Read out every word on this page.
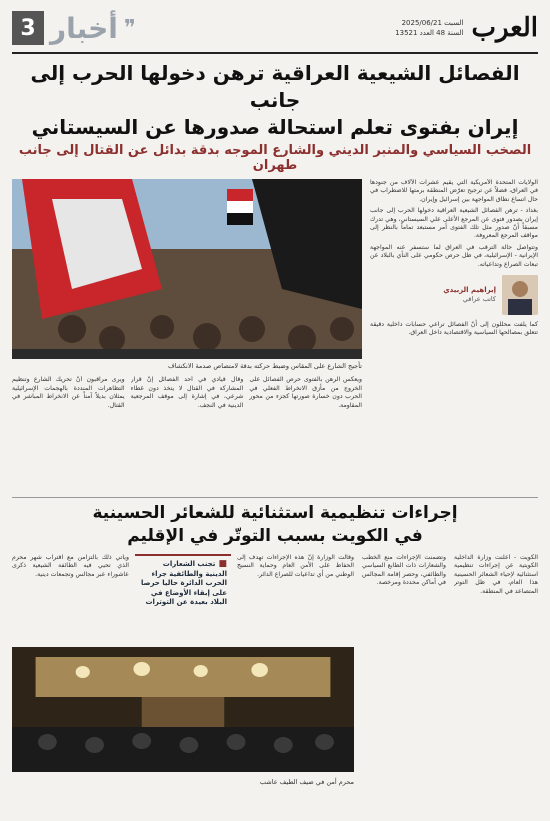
العرب
السبت 2025/06/21
السنة 48 العدد 13521
❞
أخبار
3
الفصائل الشيعية العراقية ترهن دخولها الحرب إلى جانب
إيران بفتوى تعلم استحالة صدورها عن السيستاني
الصخب السياسي والمنبر الديني والشارع الموجه بدقة بدائل عن القتال إلى جانب طهران

الولايات المتحدة الأمريكية التي يقيم عشرات الآلاف من جنودها في العراق، فضلاً عن ترجيح تعرّض المنطقة برمتها للاضطراب في حال اتساع نطاق المواجهة بين إسرائيل وإيران.

بغداد - ترهن الفصائل الشيعية العراقية دخولها الحرب إلى جانب إيران بصدور فتوى عن المرجع الأعلى علي السيستاني، وهي تدرك مسبقاً أنّ صدور مثل تلك الفتوى أمر مستبعد تماماً بالنظر إلى مواقف المرجع المعروفة.

وتتواصل حالة الترقب في العراق لما ستسفر عنه المواجهة الإيرانية - الإسرائيلية، في ظل حرص حكومي على النأي بالبلاد عن تبعات الصراع وتداعياته.

إبراهيم الزبيدي
كاتب عراقي

كما يلفت محللون إلى أنّ الفصائل تراعي حسابات داخلية دقيقة تتعلق بمصالحها السياسية والاقتصادية داخل العراق.

تأجيج الشارع على المقاس وضبط حركته بدقة لامتصاص صدمة الانكشاف
ويعكس الرهن بالفتوى حرص الفصائل على الخروج من مأزق الانخراط الفعلي في الحرب دون خسارة صورتها كجزء من محور المقاومة.
وقال قيادي في أحد الفصائل إنّ قرار المشاركة في القتال لا يتخذ دون غطاء شرعي، في إشارة إلى موقف المرجعية الدينية في النجف.
ويرى مراقبون أنّ تحريك الشارع وتنظيم التظاهرات المنددة بالهجمات الإسرائيلية يمثلان بديلاً آمناً عن الانخراط المباشر في القتال.
إجراءات تنظيمية استثنائية للشعائر الحسينية
في الكويت بسبب التوتّر في الإقليم
الكويت - أعلنت وزارة الداخلية الكويتية عن إجراءات تنظيمية استثنائية لإحياء الشعائر الحسينية هذا العام، في ظل التوتر المتصاعد في المنطقة.
وتضمنت الإجراءات منع الخطب والشعارات ذات الطابع السياسي والطائفي، وحصر إقامة المجالس في أماكن محددة ومرخصة.
وقالت الوزارة إنّ هذه الإجراءات تهدف إلى الحفاظ على الأمن العام وحماية النسيج الوطني من أي تداعيات للصراع الدائر.
■ تجنب الشعارات الدينية والطائفية جراء الحرب الدائرة حاليا حرصا على إبقاء الأوضاع في البلاد بعيدة عن التوترات
ويأتي ذلك بالتزامن مع اقتراب شهر محرم الذي تحيي فيه الطائفة الشيعية ذكرى عاشوراء عبر مجالس وتجمعات دينية.
محرم أمن في ضيف الطيف عاشب
